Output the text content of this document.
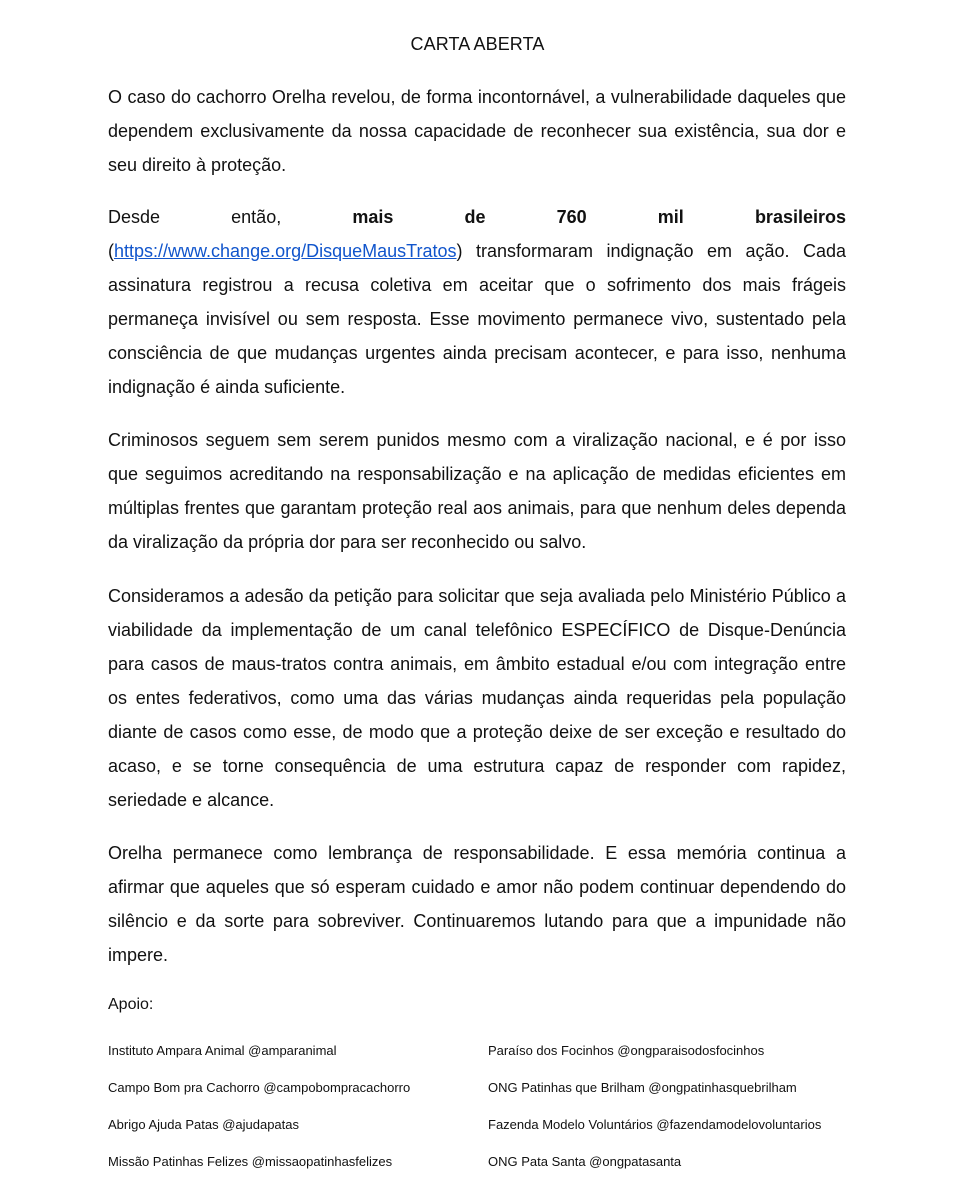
CARTA ABERTA

O caso do cachorro Orelha revelou, de forma incontornável, a vulnerabilidade daqueles que dependem exclusivamente da nossa capacidade de reconhecer sua existência, sua dor e seu direito à proteção.

Desde	então,	mais	de	760	mil	brasileiros
(https://www.change.org/DisqueMausTratos) transformaram indignação em ação. Cada assinatura registrou a recusa coletiva em aceitar que o sofrimento dos mais frágeis permaneça invisível ou sem resposta. Esse movimento permanece vivo, sustentado pela consciência de que mudanças urgentes ainda precisam acontecer, e para isso, nenhuma indignação é ainda suficiente.

Criminosos seguem sem serem punidos mesmo com a viralização nacional, e é por isso que seguimos acreditando na responsabilização e na aplicação de medidas eficientes em múltiplas frentes que garantam proteção real aos animais, para que nenhum deles dependa da viralização da própria dor para ser reconhecido ou salvo.

Consideramos a adesão da petição para solicitar que seja avaliada pelo Ministério Público a viabilidade da implementação de um canal telefônico ESPECÍFICO de Disque-Denúncia para casos de maus-tratos contra animais, em âmbito estadual e/ou com integração entre os entes federativos, como uma das várias mudanças ainda requeridas pela população diante de casos como esse, de modo que a proteção deixe de ser exceção e resultado do acaso, e se torne consequência de uma estrutura capaz de responder com rapidez, seriedade e alcance.

Orelha permanece como lembrança de responsabilidade. E essa memória continua a afirmar que aqueles que só esperam cuidado e amor não podem continuar dependendo do silêncio e da sorte para sobreviver. Continuaremos lutando para que a impunidade não impere.

Apoio:
Instituto Ampara Animal @amparanimal
Campo Bom pra Cachorro @campobompracachorro
Abrigo Ajuda Patas @ajudapatas
Missão Patinhas Felizes @missaopatinhasfelizes
Paraíso dos Focinhos @ongparaisodosfocinhos
ONG Patinhas que Brilham @ongpatinhasquebrilham
Fazenda Modelo Voluntários @fazendamodelovoluntarios
ONG Pata Santa @ongpatasanta
